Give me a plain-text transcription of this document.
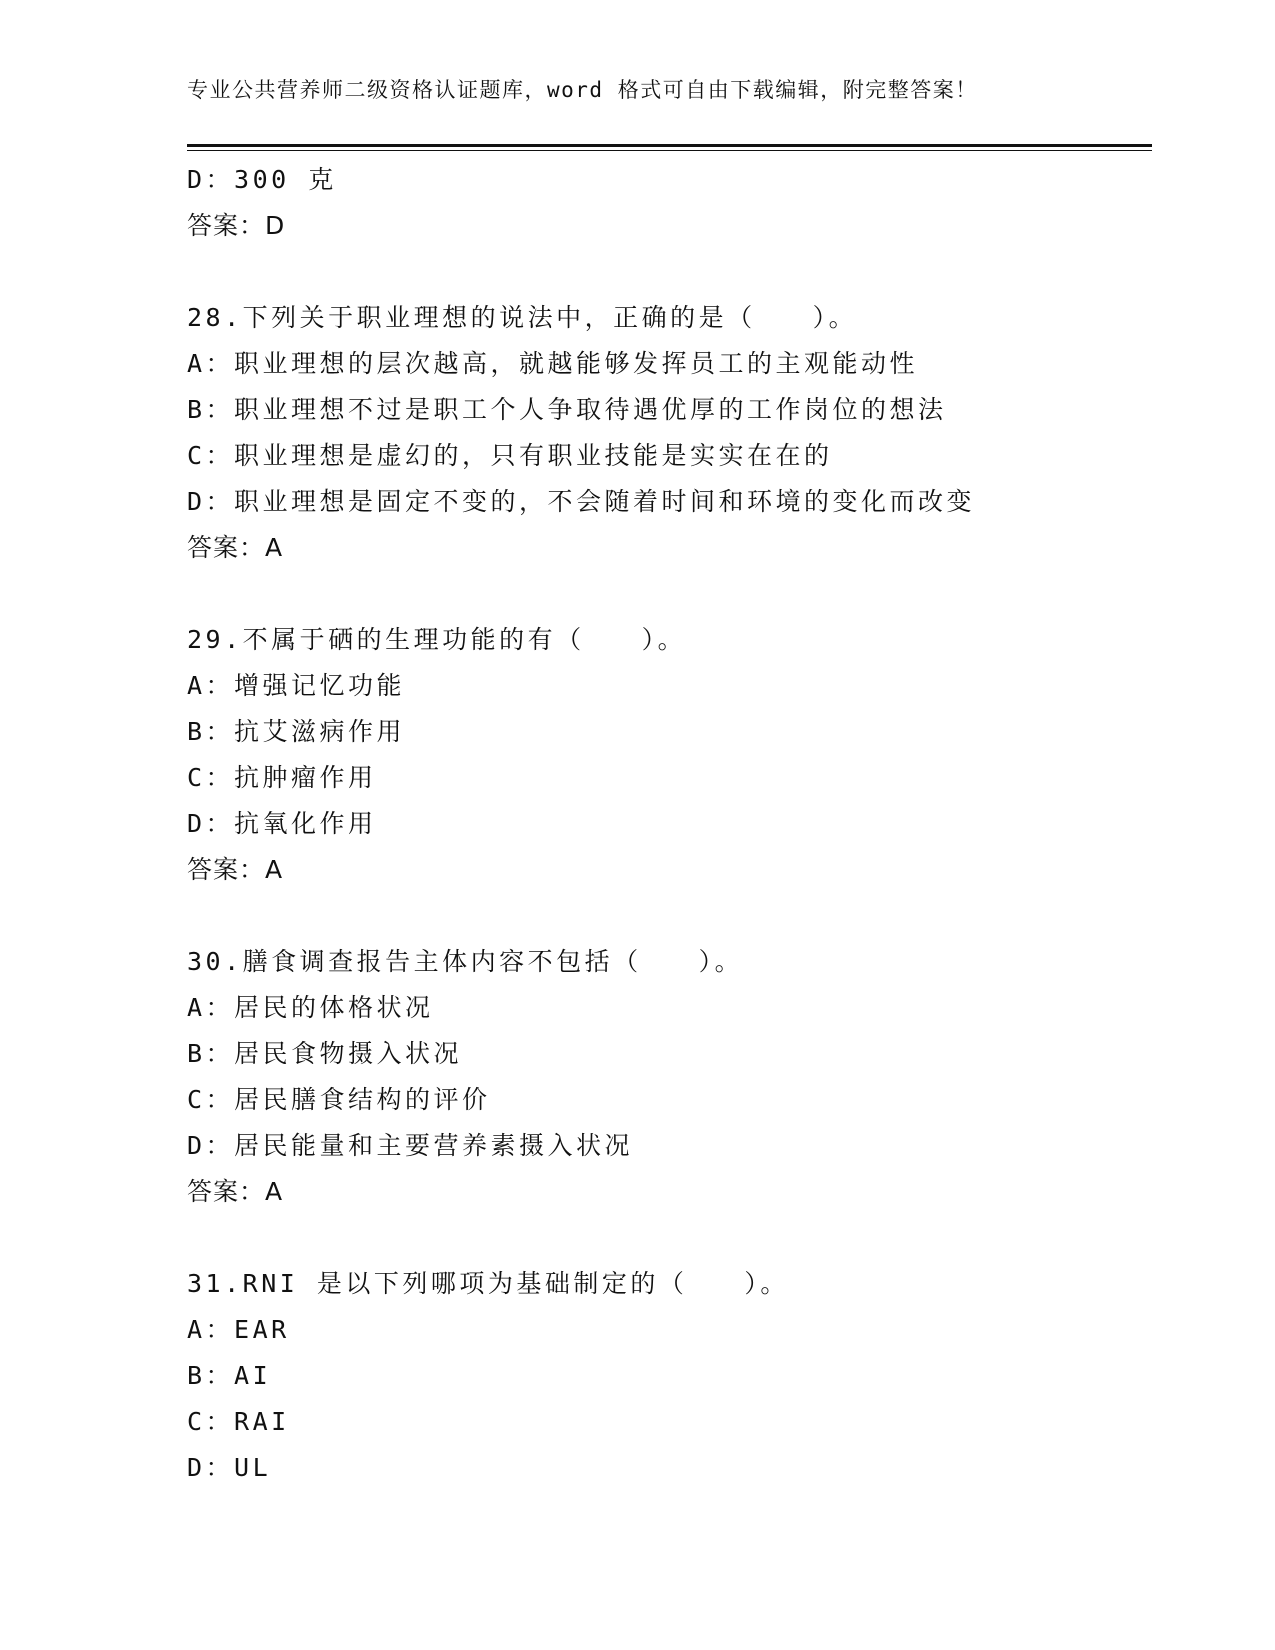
专业公共营养师二级资格认证题库，word 格式可自由下载编辑，附完整答案！
D：300 克
答案：D
28.下列关于职业理想的说法中，正确的是（　　）。
A：职业理想的层次越高，就越能够发挥员工的主观能动性
B：职业理想不过是职工个人争取待遇优厚的工作岗位的想法
C：职业理想是虚幻的，只有职业技能是实实在在的
D：职业理想是固定不变的，不会随着时间和环境的变化而改变
答案：A
29.不属于硒的生理功能的有（　　）。
A：增强记忆功能
B：抗艾滋病作用
C：抗肿瘤作用
D：抗氧化作用
答案：A
30.膳食调查报告主体内容不包括（　　）。
A：居民的体格状况
B：居民食物摄入状况
C：居民膳食结构的评价
D：居民能量和主要营养素摄入状况
答案：A
31.RNI 是以下列哪项为基础制定的（　　）。
A：EAR
B：AI
C：RAI
D：UL
